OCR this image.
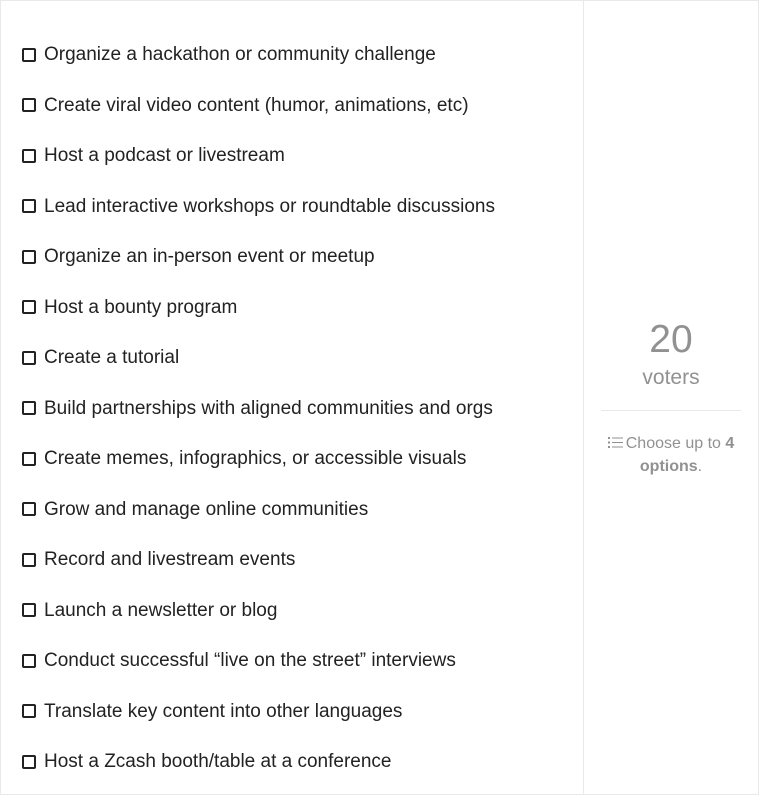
Organize a hackathon or community challenge
Create viral video content (humor, animations, etc)
Host a podcast or livestream
Lead interactive workshops or roundtable discussions
Organize an in-person event or meetup
Host a bounty program
Create a tutorial
Build partnerships with aligned communities and orgs
Create memes, infographics, or accessible visuals
Grow and manage online communities
Record and livestream events
Launch a newsletter or blog
Conduct successful “live on the street” interviews
Translate key content into other languages
Host a Zcash booth/table at a conference
20
voters
Choose up to 4
options.
